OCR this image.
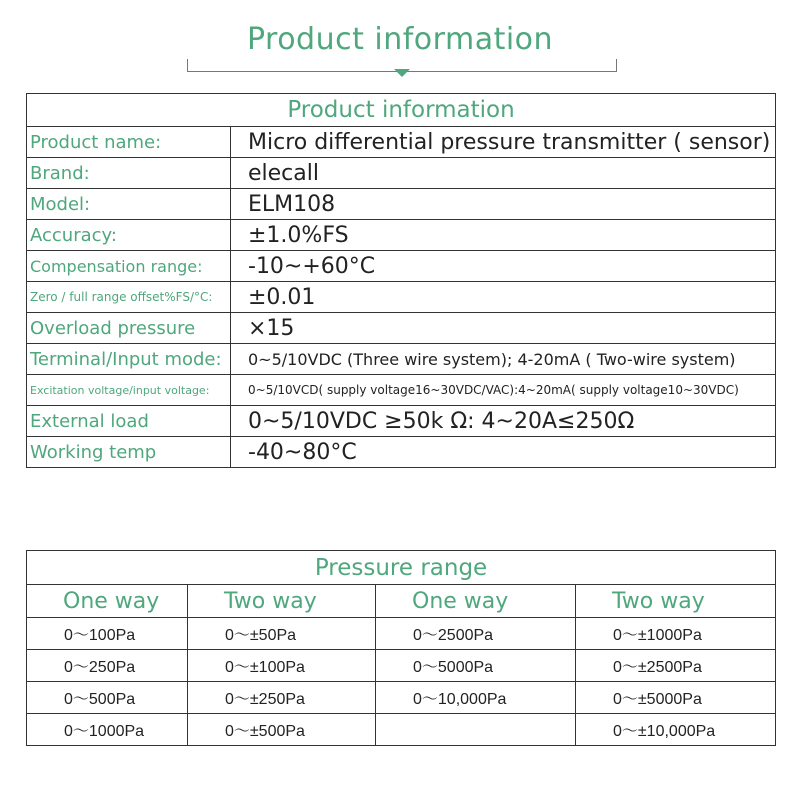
Product information
Product information	
Product name:	Micro differential pressure transmitter ( sensor)
Brand:	elecall
Model:	ELM108
Accuracy:	±1.0%FS
Compensation range:	-10~+60°C
Zero / full range offset%FS/°C:	±0.01
Overload pressure	×15
Terminal/Input mode:	0~5/10VDC (Three wire system); 4-20mA ( Two-wire system)
Excitation voltage/input voltage:	0~5/10VCD( supply voltage16~30VDC/VAC):4~20mA( supply voltage10~30VDC)
External load	0~5/10VDC ≥50k Ω: 4~20A≤250Ω
Working temp	-40~80°C
Pressure range			
One way	Two way	One way	Two way
0～100Pa	0～±50Pa	0～2500Pa	0～±1000Pa
0～250Pa	0～±100Pa	0～5000Pa	0～±2500Pa
0～500Pa	0～±250Pa	0～10,000Pa	0～±5000Pa
0～1000Pa	0～±500Pa		0～±10,000Pa
